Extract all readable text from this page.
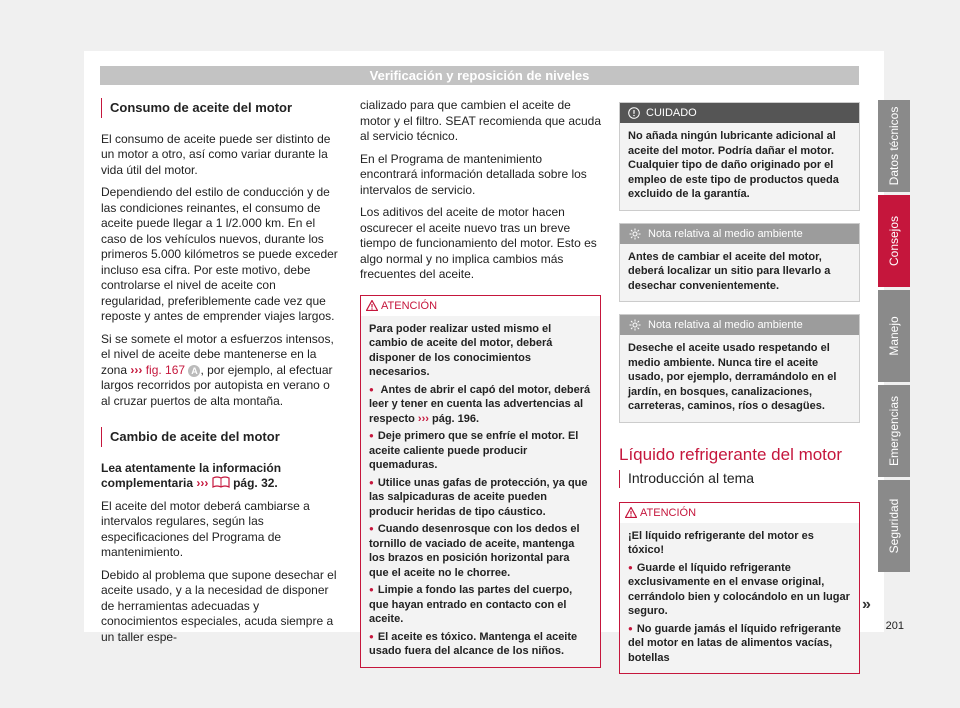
Verificación y reposición de niveles
Consumo de aceite del motor

El consumo de aceite puede ser distinto de un motor a otro, así como variar durante la vida útil del motor.

Dependiendo del estilo de conducción y de las condiciones reinantes, el consumo de aceite puede llegar a 1 l/2.000 km. En el caso de los vehículos nuevos, durante los primeros 5.000 kilómetros se puede exceder incluso esa cifra. Por este motivo, debe controlarse el nivel de aceite con regularidad, preferiblemente cade vez que reposte y antes de emprender viajes largos.

Si se somete el motor a esfuerzos intensos, el nivel de aceite debe mantenerse en la zona ››› fig. 167 A , por ejemplo, al efectuar largos recorridos por autopista en verano o al cruzar puertos de alta montaña.

Cambio de aceite del motor

Lea atentamente la información complementaria ››› pág. 32.

El aceite del motor deberá cambiarse a intervalos regulares, según las especificaciones del Programa de mantenimiento.

Debido al problema que supone desechar el aceite usado, y a la necesidad de disponer de herramientas adecuadas y conocimientos especiales, acuda siempre a un taller espe-

cializado para que cambien el aceite de motor y el filtro. SEAT recomienda que acuda al servicio técnico.

En el Programa de mantenimiento encontrará información detallada sobre los intervalos de servicio.

Los aditivos del aceite de motor hacen oscurecer el aceite nuevo tras un breve tiempo de funcionamiento del motor. Esto es algo normal y no implica cambios más frecuentes del aceite.

ATENCIÓN
Para poder realizar usted mismo el cambio de aceite del motor, deberá disponer de los conocimientos necesarios.
● Antes de abrir el capó del motor, deberá leer y tener en cuenta las advertencias al respecto ››› pág. 196.
● Deje primero que se enfríe el motor. El aceite caliente puede producir quemaduras.
● Utilice unas gafas de protección, ya que las salpicaduras de aceite pueden producir heridas de tipo cáustico.
● Cuando desenrosque con los dedos el tornillo de vaciado de aceite, mantenga los brazos en posición horizontal para que el aceite no le chorree.
● Limpie a fondo las partes del cuerpo, que hayan entrado en contacto con el aceite.
● El aceite es tóxico. Mantenga el aceite usado fuera del alcance de los niños.
CUIDADO
No añada ningún lubricante adicional al aceite del motor. Podría dañar el motor. Cualquier tipo de daño originado por el empleo de este tipo de productos queda excluido de la garantía.
Nota relativa al medio ambiente
Antes de cambiar el aceite del motor, deberá localizar un sitio para llevarlo a desechar convenientemente.
Nota relativa al medio ambiente
Deseche el aceite usado respetando el medio ambiente. Nunca tire el aceite usado, por ejemplo, derramándolo en el jardín, en bosques, canalizaciones, carreteras, caminos, ríos o desagües.
Líquido refrigerante del motor
Introducción al tema
ATENCIÓN
¡El líquido refrigerante del motor es tóxico!
● Guarde el líquido refrigerante exclusivamente en el envase original, cerrándolo bien y colocándolo en un lugar seguro.
● No guarde jamás el líquido refrigerante del motor en latas de alimentos vacías, botellas
»
Datos técnicos
Consejos
Manejo
Emergencias
Seguridad
201
